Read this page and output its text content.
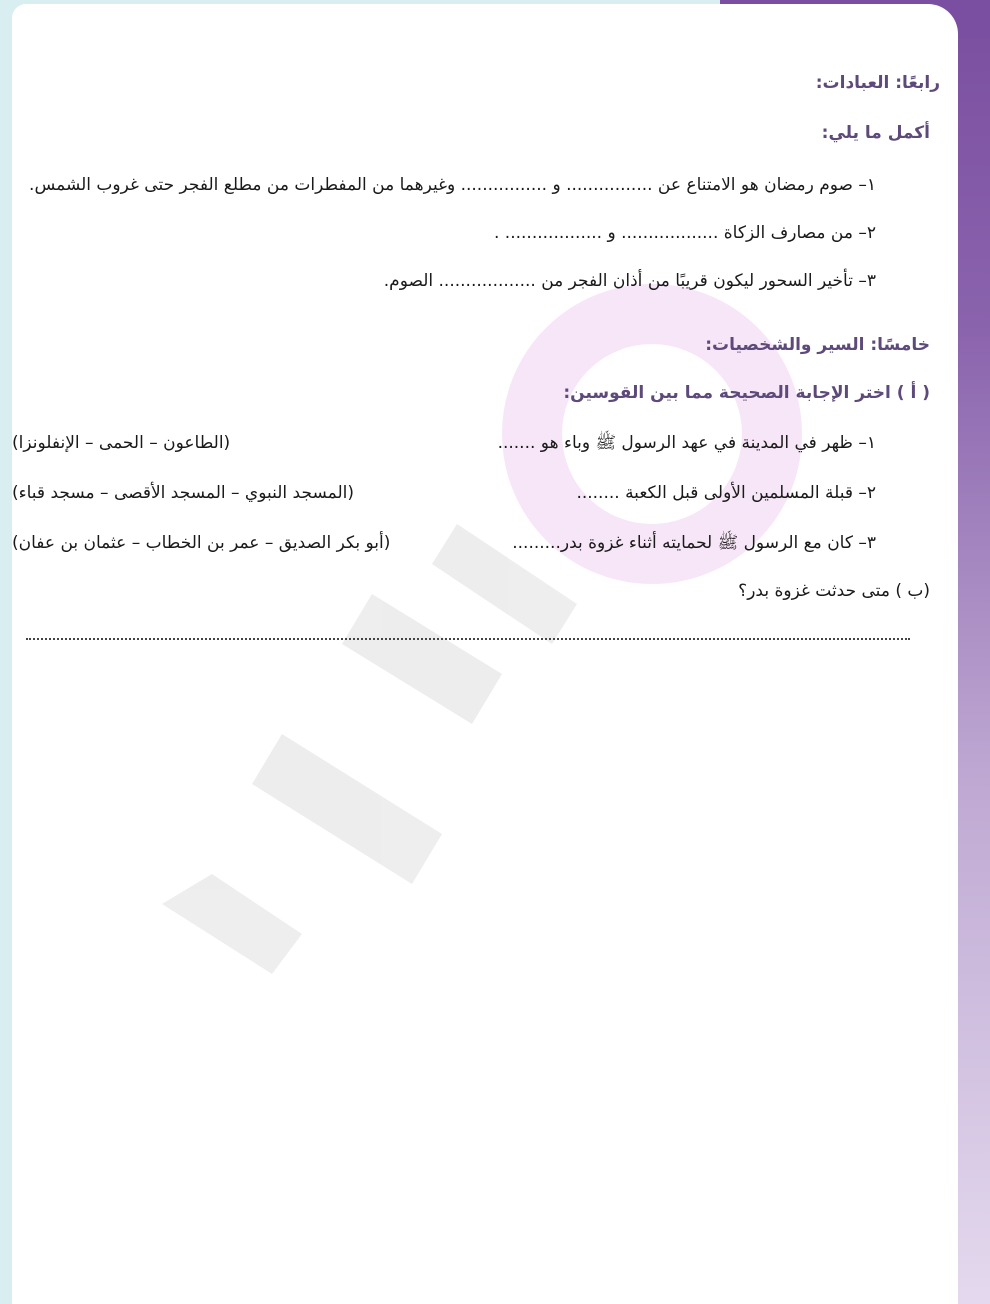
رابعًا: العبادات:
أكمل ما يلي:
١– صوم رمضان هو الامتناع عن ................ و ................ وغيرهما من المفطرات من مطلع الفجر حتى غروب الشمس.
٢– من مصارف الزكاة .................. و .................. .
٣– تأخير السحور ليكون قريبًا من أذان الفجر من .................. الصوم.
خامسًا: السير والشخصيات:
( أ ) اختر الإجابة الصحيحة مما بين القوسين:
١– ظهر في المدينة في عهد الرسول ﷺ وباء هو .......
(الطاعون – الحمى – الإنفلونزا)
٢– قبلة المسلمين الأولى قبل الكعبة ........
(المسجد النبوي – المسجد الأقصى – مسجد قباء)
٣– كان مع الرسول ﷺ لحمايته أثناء غزوة بدر.........
(أبو بكر الصديق – عمر بن الخطاب – عثمان بن عفان)
(ب ) متى حدثت غزوة بدر؟
